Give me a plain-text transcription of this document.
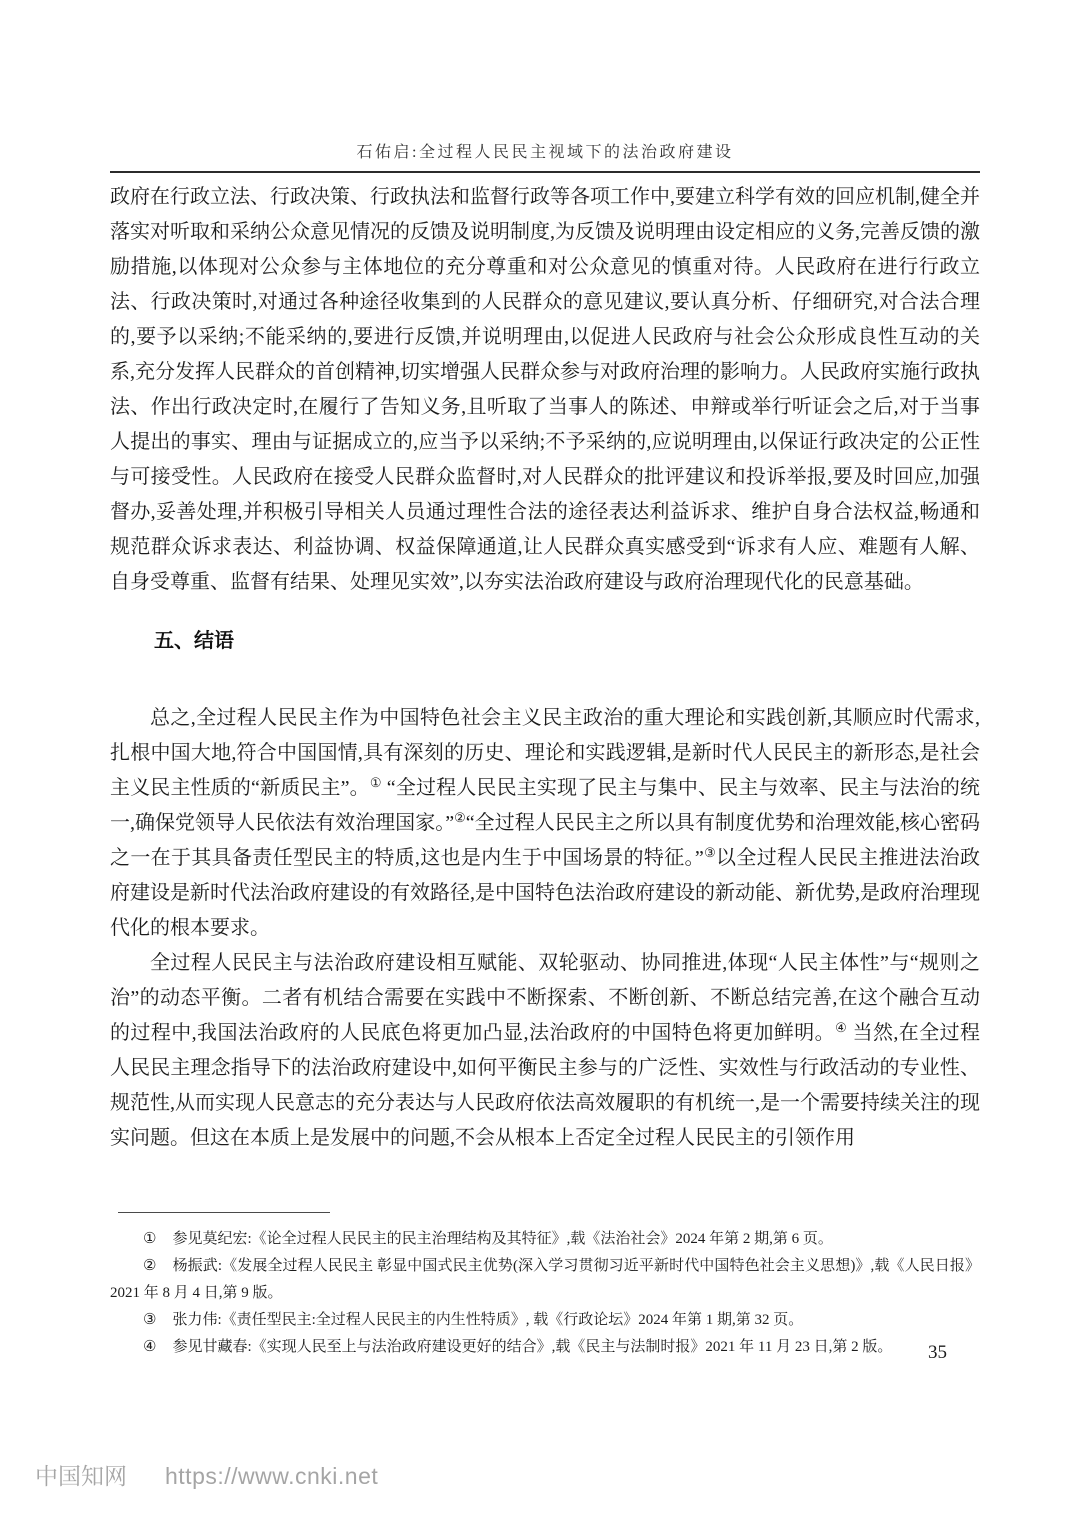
石佑启:全过程人民民主视域下的法治政府建设

政府在行政立法、行政决策、行政执法和监督行政等各项工作中,要建立科学有效的回应机制,健全并落实对听取和采纳公众意见情况的反馈及说明制度,为反馈及说明理由设定相应的义务,完善反馈的激励措施,以体现对公众参与主体地位的充分尊重和对公众意见的慎重对待。人民政府在进行行政立法、行政决策时,对通过各种途径收集到的人民群众的意见建议,要认真分析、仔细研究,对合法合理的,要予以采纳;不能采纳的,要进行反馈,并说明理由,以促进人民政府与社会公众形成良性互动的关系,充分发挥人民群众的首创精神,切实增强人民群众参与对政府治理的影响力。人民政府实施行政执法、作出行政决定时,在履行了告知义务,且听取了当事人的陈述、申辩或举行听证会之后,对于当事人提出的事实、理由与证据成立的,应当予以采纳;不予采纳的,应说明理由,以保证行政决定的公正性与可接受性。人民政府在接受人民群众监督时,对人民群众的批评建议和投诉举报,要及时回应,加强督办,妥善处理,并积极引导相关人员通过理性合法的途径表达利益诉求、维护自身合法权益,畅通和规范群众诉求表达、利益协调、权益保障通道,让人民群众真实感受到“诉求有人应、难题有人解、自身受尊重、监督有结果、处理见实效”,以夯实法治政府建设与政府治理现代化的民意基础。

五、结语

总之,全过程人民民主作为中国特色社会主义民主政治的重大理论和实践创新,其顺应时代需求,扎根中国大地,符合中国国情,具有深刻的历史、理论和实践逻辑,是新时代人民民主的新形态,是社会主义民主性质的“新质民主”。① “全过程人民民主实现了民主与集中、民主与效率、民主与法治的统一,确保党领导人民依法有效治理国家。”②“全过程人民民主之所以具有制度优势和治理效能,核心密码之一在于其具备责任型民主的特质,这也是内生于中国场景的特征。”③以全过程人民民主推进法治政府建设是新时代法治政府建设的有效路径,是中国特色法治政府建设的新动能、新优势,是政府治理现代化的根本要求。

全过程人民民主与法治政府建设相互赋能、双轮驱动、协同推进,体现“人民主体性”与“规则之治”的动态平衡。二者有机结合需要在实践中不断探索、不断创新、不断总结完善,在这个融合互动的过程中,我国法治政府的人民底色将更加凸显,法治政府的中国特色将更加鲜明。④ 当然,在全过程人民民主理念指导下的法治政府建设中,如何平衡民主参与的广泛性、实效性与行政活动的专业性、规范性,从而实现人民意志的充分表达与人民政府依法高效履职的有机统一,是一个需要持续关注的现实问题。但这在本质上是发展中的问题,不会从根本上否定全过程人民民主的引领作用

① 参见莫纪宏:《论全过程人民民主的民主治理结构及其特征》,载《法治社会》2024 年第 2 期,第 6 页。

② 杨振武:《发展全过程人民民主 彰显中国式民主优势(深入学习贯彻习近平新时代中国特色社会主义思想)》,载《人民日报》2021 年 8 月 4 日,第 9 版。

③ 张力伟:《责任型民主:全过程人民民主的内生性特质》, 载《行政论坛》2024 年第 1 期,第 32 页。

④ 参见甘藏春:《实现人民至上与法治政府建设更好的结合》,载《民主与法制时报》2021 年 11 月 23 日,第 2 版。	35
中国知网 https://www.cnki.net
